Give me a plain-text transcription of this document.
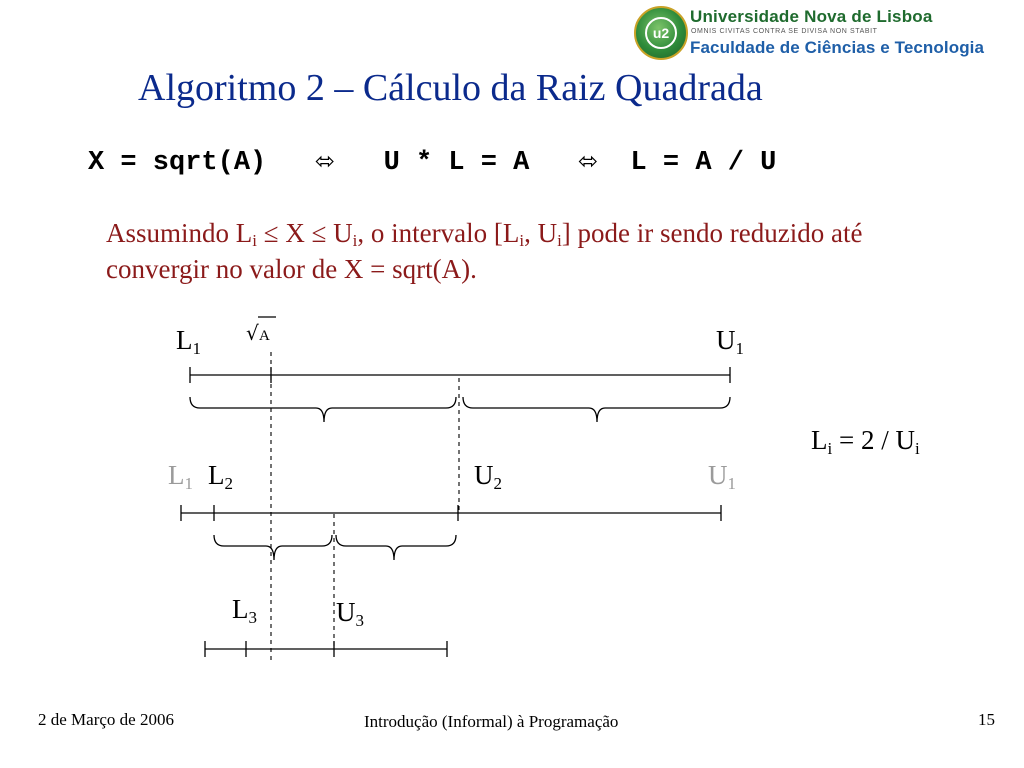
u2
Universidade Nova de Lisboa
OMNIS CIVITAS CONTRA SE DIVISA NON STABIT
Faculdade de Ciências e Tecnologia
Algoritmo 2 – Cálculo da Raiz Quadrada
X = sqrt(A) ⬄ U * L = A ⬄ L = A / U
Assumindo $L_i \le X \le U_i$, o intervalo [$L_i$, $U_i$] pode ir sendo reduzido até convergir no valor de X = sqrt(A).
√ A
$L_1$	$U_1$
$L_i = 2 / U_i$
$L_1$ $L_2$	$U_2$	$U_1$
$L_3$	$U_3$
2 de Março de 2006	Introdução (Informal) à Programação	15
